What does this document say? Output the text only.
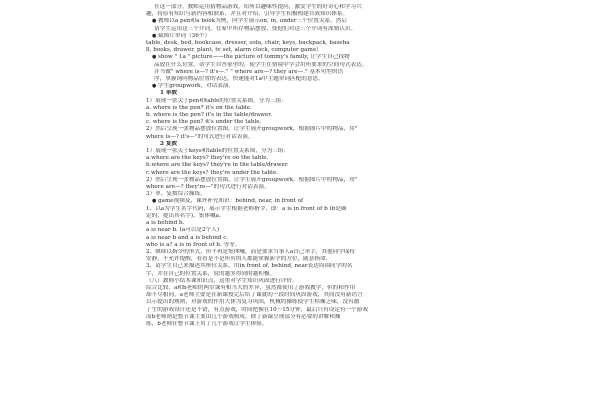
在这一部分，教师运用猜物品游戏，给所以趣味性提问，激发学生的好奇心和学习兴
趣，将原有知识与新内容相联系，并且对介绍，引导学生积极构建自我知识体系。
● 教师以a pen和a book为例，向学生展示on, in, under三个位置关系，然后
请学生运用这三个介词，在家中所存物品摆放，使他们对这三个介词有深刻认识。
● 截图片单词（36个）
table, desk, bed, bookcase, dresser, sofa, chair, keys, backpack, baseba
ll, books, drawer, plant, tv set, alarm clock, computer game）
● show " 1a " picture——the picture of tommy's family, 让学生自己找物
品放在什么位置，请学生自答家里的，使学生在情境中学会用所要求的空间句式表达。
并当做" where is—? it's—." " where are—? they are—." 基本句型的语
序，掌握询问物品位置的表达，快速能对1a中主题单词匹配的意思。
● 学生groupwork，对话表演。
1 单数
1）展现一张关于pen和table的位置关系图，分为三组：
a. where is the pen? it's on the table.
b. where is the pen? it's in the table/drawer.
c. where is the pen? it's under the table.
2）然后呈现一张物品摆放位置图，让学生展开groupwork，根据图片中的物品，用"
where is—? it's—"的句式进行对话表演。
2 复数
1）展现一张关于keys和table的位置关系图，分为三组：
a.where are the keys? they're on the table.
b.where are the keys? they're in the table/drawer.
c.where are the keys? they're under the table.
2）然后呈现一张物品摆放位置图，让学生展开groupwork，根据图片中的物品，用"
where are—? they're—"的句式进行对话表演。
3）单、复数综合操练。
● game视频及，课外补充知识：behind, near, in front of
1、以a为学生名字代码，展示学生根据老师指令，即：a is in front of b (b是确
定的，提出其名字)，集体喊a。
a is behind b.
a is near b. (a可以是2个人)
a is near b and a is behind c.
who is a? a is in front of b. 等等。
2、继续以指令的形式，但不再是集体喊，而是要求当事人a自己举手，其他同学保持
安静，不允许提醒，看看是不是所有的人都能掌握新学的方位，随意指命。
3、请学生自己来描述其座位关系，用in front of, behind, near表达周围同学的名
字，并在自己的位置关系，说的越多得到的越积极。
（八）教师小结本课知识点，这重对学生知识巩固进行评价。
综合比较，a和b老师的两堂课有相当大的差异，虽然都使用了游戏教学，但的和作用
却不尽相同，a老师主要是在新课授完后给了课就的一段时间巩固游戏，其间没有新语言
以示提出的规则，对游戏的作用大体为复习巩固，机械的操练使学生枯燥乏味，没有激
了生的游戏设计还是不错，有点游戏，时间把握在10～15分钟，最后只有设定有一个游戏
而b老师则是整节课主要由几个游戏构成，除了新课呈现部分有必要的讲解和操
练，b老师在整节课上用了几个游戏让学生体验。
